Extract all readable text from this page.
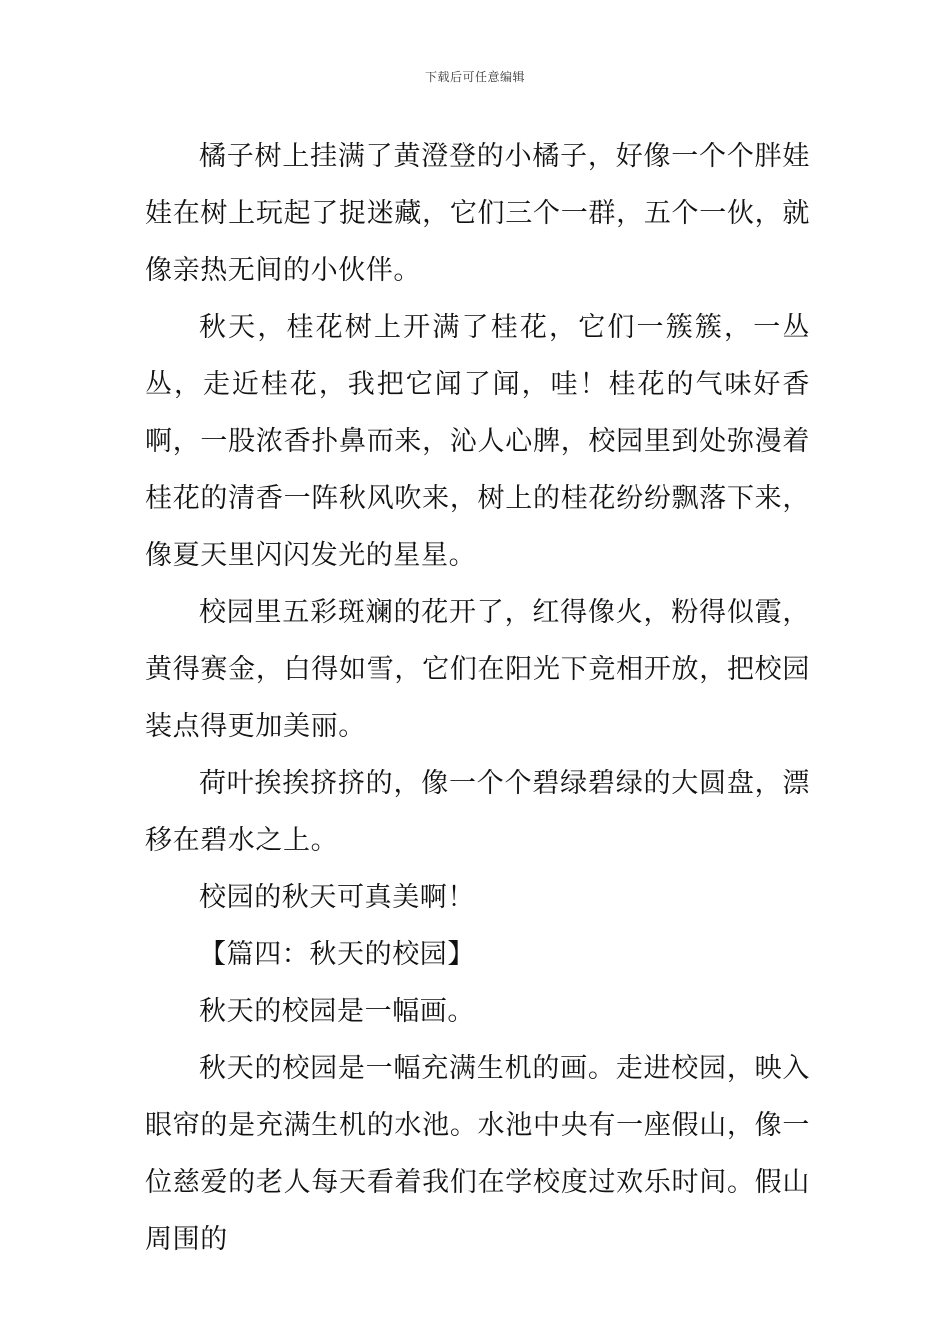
下载后可任意编辑

橘子树上挂满了黄澄登的小橘子，好像一个个胖娃娃在树上玩起了捉迷藏，它们三个一群，五个一伙，就像亲热无间的小伙伴。

秋天，桂花树上开满了桂花，它们一簇簇，一丛丛，走近桂花，我把它闻了闻，哇！桂花的气味好香啊，一股浓香扑鼻而来，沁人心脾，校园里到处弥漫着桂花的清香一阵秋风吹来，树上的桂花纷纷飘落下来，像夏天里闪闪发光的星星。

校园里五彩斑斓的花开了，红得像火，粉得似霞，黄得赛金，白得如雪，它们在阳光下竞相开放，把校园装点得更加美丽。

荷叶挨挨挤挤的，像一个个碧绿碧绿的大圆盘，漂移在碧水之上。

校园的秋天可真美啊！

【篇四：秋天的校园】

秋天的校园是一幅画。

秋天的校园是一幅充满生机的画。走进校园，映入眼帘的是充满生机的水池。水池中央有一座假山，像一位慈爱的老人每天看着我们在学校度过欢乐时间。假山周围的
